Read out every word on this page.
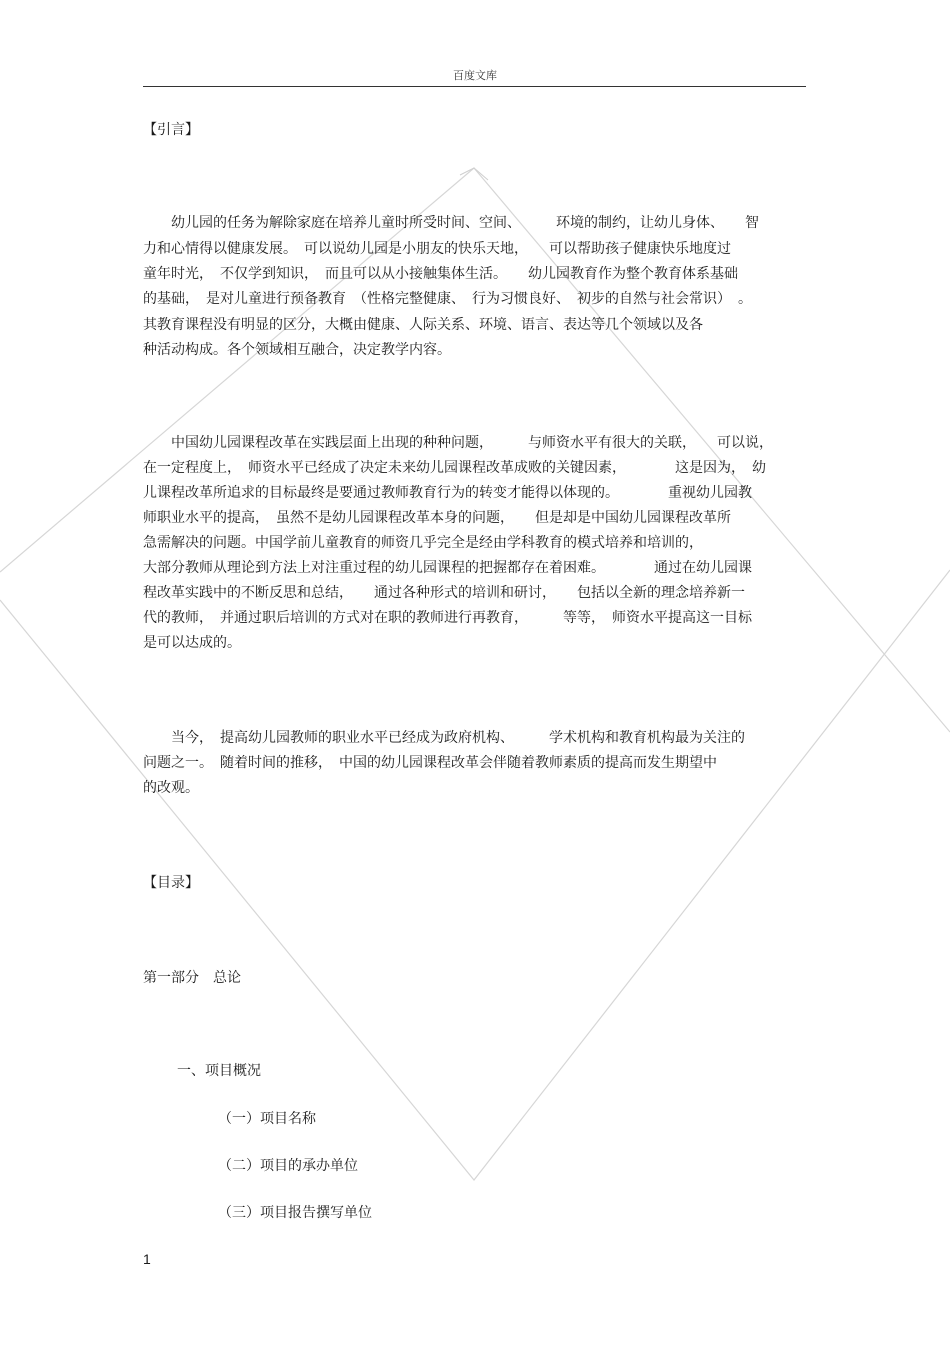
百度文库
【引言】
　　幼儿园的任务为解除家庭在培养儿童时所受时间、空间、　　　环境的制约，让幼儿身体、　　智
力和心情得以健康发展。　可以说幼儿园是小朋友的快乐天地，　　可以帮助孩子健康快乐地度过
童年时光，　不仅学到知识，　而且可以从小接触集体生活。　　幼儿园教育作为整个教育体系基础
的基础，　是对儿童进行预备教育　（性格完整健康、　行为习惯良好、　初步的自然与社会常识）　。
其教育课程没有明显的区分，大概由健康、人际关系、环境、语言、表达等几个领域以及各
种活动构成。各个领域相互融合，决定教学内容。
　　中国幼儿园课程改革在实践层面上出现的种种问题，　　　与师资水平有很大的关联，　　可以说，
在一定程度上，　师资水平已经成了决定未来幼儿园课程改革成败的关键因素，　　　　这是因为，　幼
儿课程改革所追求的目标最终是要通过教师教育行为的转变才能得以体现的。　　　　重视幼儿园教
师职业水平的提高，　虽然不是幼儿园课程改革本身的问题，　　但是却是中国幼儿园课程改革所
急需解决的问题。中国学前儿童教育的师资几乎完全是经由学科教育的模式培养和培训的，
大部分教师从理论到方法上对注重过程的幼儿园课程的把握都存在着困难。　　　　通过在幼儿园课
程改革实践中的不断反思和总结，　　通过各种形式的培训和研讨，　　包括以全新的理念培养新一
代的教师，　并通过职后培训的方式对在职的教师进行再教育，　　　等等，　师资水平提高这一目标
是可以达成的。
　　当今，　提高幼儿园教师的职业水平已经成为政府机构、　　　学术机构和教育机构最为关注的
问题之一。　随着时间的推移，　中国的幼儿园课程改革会伴随着教师素质的提高而发生期望中
的改观。
【目录】
第一部分　总论
一、项目概况
（一）项目名称
（二）项目的承办单位
（三）项目报告撰写单位
1
